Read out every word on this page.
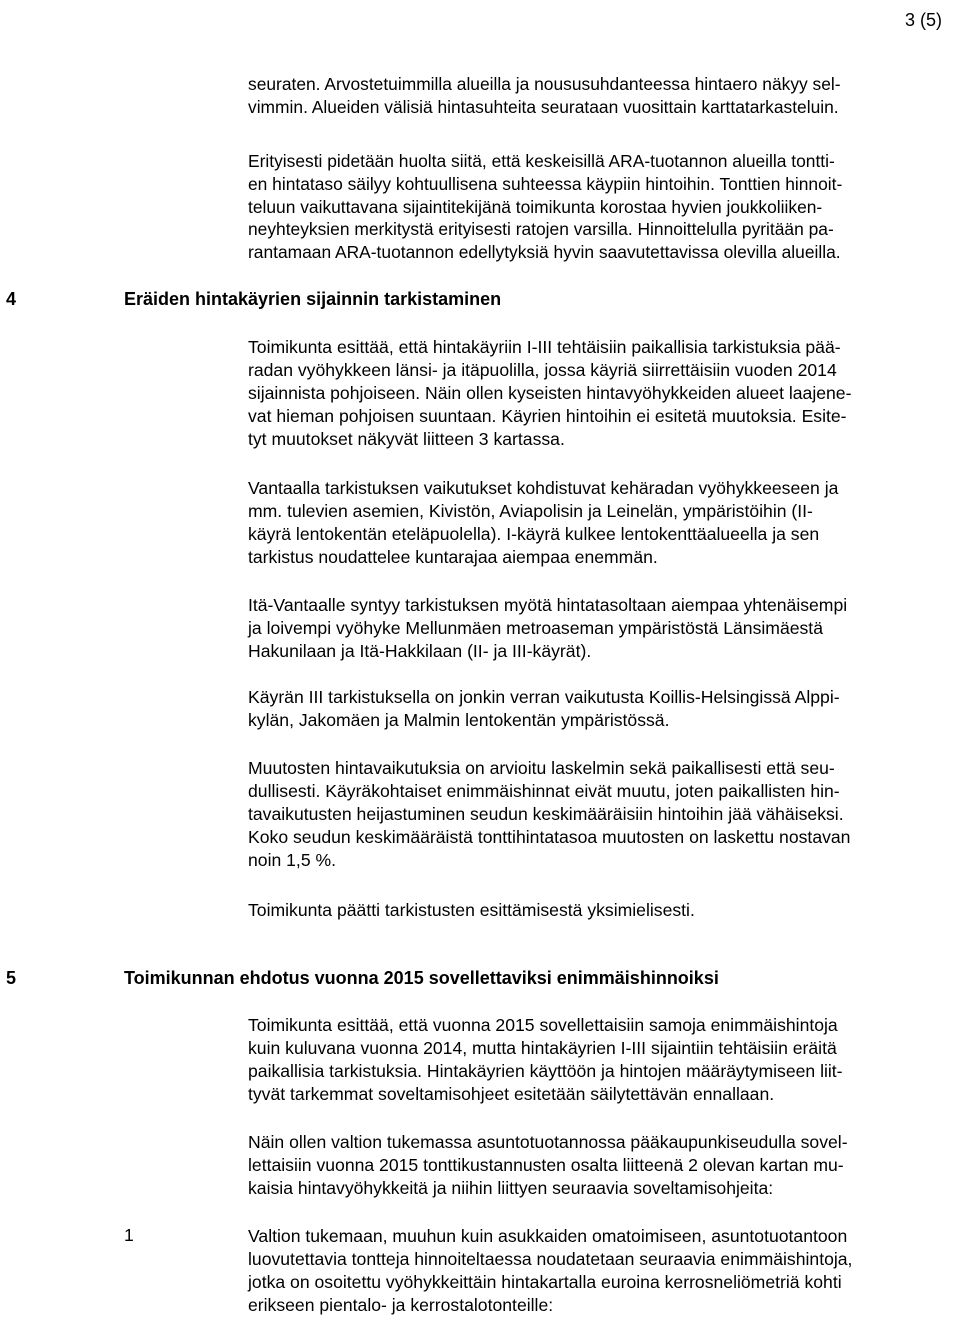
3 (5)

seuraten. Arvostetuimmilla alueilla ja noususuhdanteessa hintaero näkyy sel-
vimmin. Alueiden välisiä hintasuhteita seurataan vuosittain karttatarkasteluin.

Erityisesti pidetään huolta siitä, että keskeisillä ARA-tuotannon alueilla tontti-
en hintataso säilyy kohtuullisena suhteessa käypiin hintoihin. Tonttien hinnoit-
teluun vaikuttavana sijaintitekijänä toimikunta korostaa hyvien joukkoliiken-
neyhteyksien merkitystä erityisesti ratojen varsilla. Hinnoittelulla pyritään pa-
rantamaan ARA-tuotannon edellytyksiä hyvin saavutettavissa olevilla alueilla.

4	Eräiden hintakäyrien sijainnin tarkistaminen

Toimikunta esittää, että hintakäyriin I-III tehtäisiin paikallisia tarkistuksia pää-
radan vyöhykkeen länsi- ja itäpuolilla, jossa käyriä siirrettäisiin vuoden 2014
sijainnista pohjoiseen. Näin ollen kyseisten hintavyöhykkeiden alueet laajene-
vat hieman pohjoisen suuntaan. Käyrien hintoihin ei esitetä muutoksia. Esite-
tyt muutokset näkyvät liitteen 3 kartassa.

Vantaalla tarkistuksen vaikutukset kohdistuvat kehäradan vyöhykkeeseen ja
mm. tulevien asemien, Kivistön, Aviapolisin ja Leinelän, ympäristöihin (II-
käyrä lentokentän eteläpuolella). I-käyrä kulkee lentokenttäalueella ja sen
tarkistus noudattelee kuntarajaa aiempaa enemmän.

Itä-Vantaalle syntyy tarkistuksen myötä hintatasoltaan aiempaa yhtenäisempi
ja loivempi vyöhyke Mellunmäen metroaseman ympäristöstä Länsimäestä
Hakunilaan ja Itä-Hakkilaan (II- ja III-käyrät).

Käyrän III tarkistuksella on jonkin verran vaikutusta Koillis-Helsingissä Alppi-
kylän, Jakomäen ja Malmin lentokentän ympäristössä.

Muutosten hintavaikutuksia on arvioitu laskelmin sekä paikallisesti että seu-
dullisesti. Käyräkohtaiset enimmäishinnat eivät muutu, joten paikallisten hin-
tavaikutusten heijastuminen seudun keskimääräisiin hintoihin jää vähäiseksi.
Koko seudun keskimääräistä tonttihintatasoa muutosten on laskettu nostavan
noin 1,5 %.

Toimikunta päätti tarkistusten esittämisestä yksimielisesti.

5	Toimikunnan ehdotus vuonna 2015 sovellettaviksi enimmäishinnoiksi

Toimikunta esittää, että vuonna 2015 sovellettaisiin samoja enimmäishintoja
kuin kuluvana vuonna 2014, mutta hintakäyrien I-III sijaintiin tehtäisiin eräitä
paikallisia tarkistuksia. Hintakäyrien käyttöön ja hintojen määräytymiseen liit-
tyvät tarkemmat soveltamisohjeet esitetään säilytettävän ennallaan.

Näin ollen valtion tukemassa asuntotuotannossa pääkaupunkiseudulla sovel-
lettaisiin vuonna 2015 tonttikustannusten osalta liitteenä 2 olevan kartan mu-
kaisia hintavyöhykkeitä ja niihin liittyen seuraavia soveltamisohjeita:

1	Valtion tukemaan, muuhun kuin asukkaiden omatoimiseen, asuntotuotantoon
luovutettavia tontteja hinnoiteltaessa noudatetaan seuraavia enimmäishintoja,
jotka on osoitettu vyöhykkeittäin hintakartalla euroina kerrosneliömetriä kohti
erikseen pientalo- ja kerrostalotonteille:
